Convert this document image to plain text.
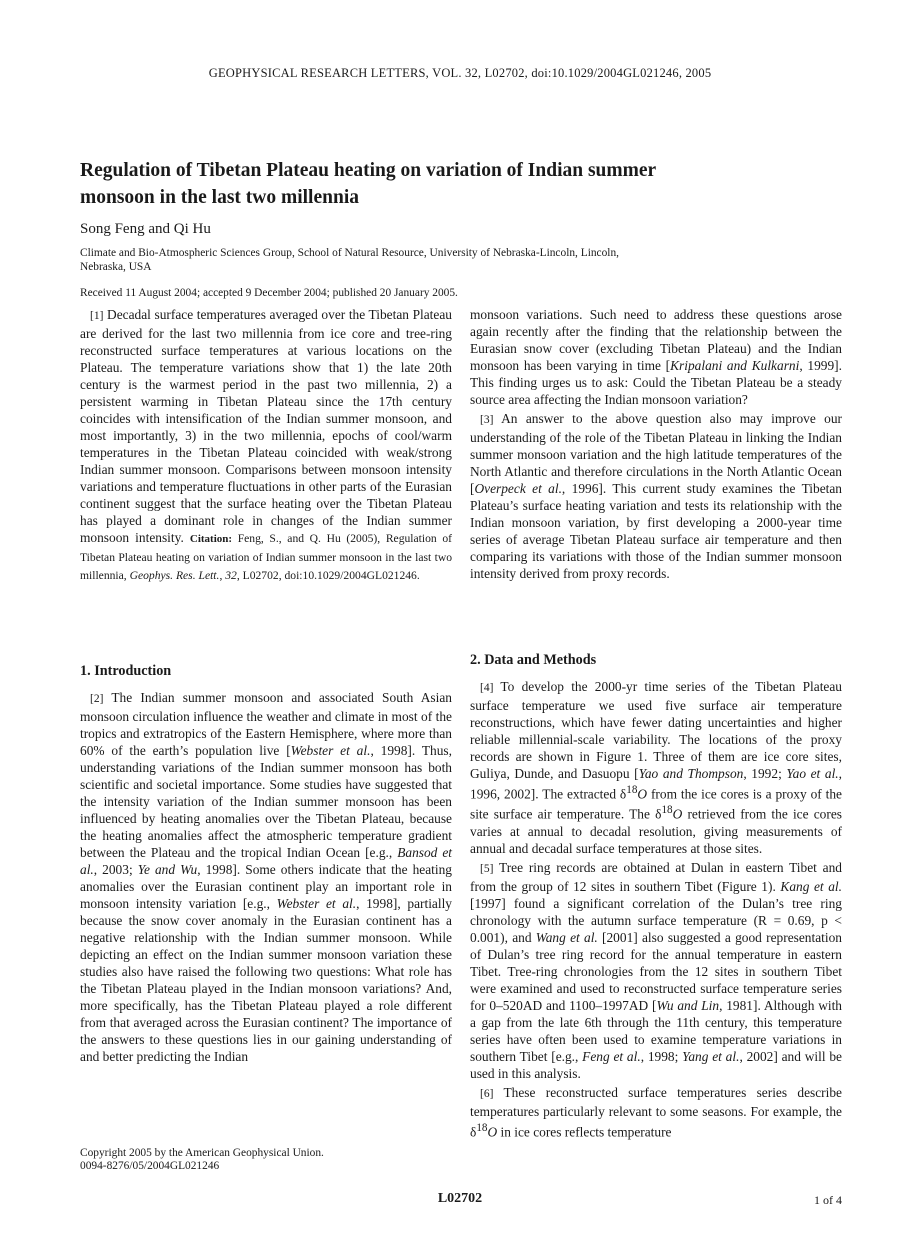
GEOPHYSICAL RESEARCH LETTERS, VOL. 32, L02702, doi:10.1029/2004GL021246, 2005
Regulation of Tibetan Plateau heating on variation of Indian summer
monsoon in the last two millennia
Song Feng and Qi Hu
Climate and Bio-Atmospheric Sciences Group, School of Natural Resource, University of Nebraska-Lincoln, Lincoln,
Nebraska, USA
Received 11 August 2004; accepted 9 December 2004; published 20 January 2005.

[1] Decadal surface temperatures averaged over the Tibetan Plateau are derived for the last two millennia from ice core and tree-ring reconstructed surface temperatures at various locations on the Plateau. The temperature variations show that 1) the late 20th century is the warmest period in the past two millennia, 2) a persistent warming in Tibetan Plateau since the 17th century coincides with intensification of the Indian summer monsoon, and most importantly, 3) in the two millennia, epochs of cool/warm temperatures in the Tibetan Plateau coincided with weak/strong Indian summer monsoon. Comparisons between monsoon intensity variations and temperature fluctuations in other parts of the Eurasian continent suggest that the surface heating over the Tibetan Plateau has played a dominant role in changes of the Indian summer monsoon intensity. Citation: Feng, S., and Q. Hu (2005), Regulation of Tibetan Plateau heating on variation of Indian summer monsoon in the last two millennia, Geophys. Res. Lett., 32, L02702, doi:10.1029/2004GL021246.

1. Introduction

[2] The Indian summer monsoon and associated South Asian monsoon circulation influence the weather and climate in most of the tropics and extratropics of the Eastern Hemisphere, where more than 60% of the earth’s population live [Webster et al., 1998]. Thus, understanding variations of the Indian summer monsoon has both scientific and societal importance. Some studies have suggested that the intensity variation of the Indian summer monsoon has been influenced by heating anomalies over the Tibetan Plateau, because the heating anomalies affect the atmospheric temperature gradient between the Plateau and the tropical Indian Ocean [e.g., Bansod et al., 2003; Ye and Wu, 1998]. Some others indicate that the heating anomalies over the Eurasian continent play an important role in monsoon intensity variation [e.g., Webster et al., 1998], partially because the snow cover anomaly in the Eurasian continent has a negative relationship with the Indian summer monsoon. While depicting an effect on the Indian summer monsoon variation these studies also have raised the following two questions: What role has the Tibetan Plateau played in the Indian monsoon variations? And, more specifically, has the Tibetan Plateau played a role different from that averaged across the Eurasian continent? The importance of the answers to these questions lies in our gaining understanding of and better predicting the Indian

monsoon variations. Such need to address these questions arose again recently after the finding that the relationship between the Eurasian snow cover (excluding Tibetan Plateau) and the Indian monsoon has been varying in time [Kripalani and Kulkarni, 1999]. This finding urges us to ask: Could the Tibetan Plateau be a steady source area affecting the Indian monsoon variation?

[3] An answer to the above question also may improve our understanding of the role of the Tibetan Plateau in linking the Indian summer monsoon variation and the high latitude temperatures of the North Atlantic and therefore circulations in the North Atlantic Ocean [Overpeck et al., 1996]. This current study examines the Tibetan Plateau’s surface heating variation and tests its relationship with the Indian monsoon variation, by first developing a 2000-year time series of average Tibetan Plateau surface air temperature and then comparing its variations with those of the Indian summer monsoon intensity derived from proxy records.

2. Data and Methods

[4] To develop the 2000-yr time series of the Tibetan Plateau surface temperature we used five surface air temperature reconstructions, which have fewer dating uncertainties and higher reliable millennial-scale variability. The locations of the proxy records are shown in Figure 1. Three of them are ice core sites, Guliya, Dunde, and Dasuopu [Yao and Thompson, 1992; Yao et al., 1996, 2002]. The extracted $\delta^{18}O$ from the ice cores is a proxy of the site surface air temperature. The $\delta^{18}O$ retrieved from the ice cores varies at annual to decadal resolution, giving measurements of annual and decadal surface temperatures at those sites.

[5] Tree ring records are obtained at Dulan in eastern Tibet and from the group of 12 sites in southern Tibet (Figure 1). Kang et al. [1997] found a significant correlation of the Dulan’s tree ring chronology with the autumn surface temperature (R = 0.69, p < 0.001), and Wang et al. [2001] also suggested a good representation of Dulan’s tree ring record for the annual temperature in eastern Tibet. Tree-ring chronologies from the 12 sites in southern Tibet were examined and used to reconstructed surface temperature series for 0–520AD and 1100–1997AD [Wu and Lin, 1981]. Although with a gap from the late 6th through the 11th century, this temperature series have often been used to examine temperature variations in southern Tibet [e.g., Feng et al., 1998; Yang et al., 2002] and will be used in this analysis.

[6] These reconstructed surface temperatures series describe temperatures particularly relevant to some seasons. For example, the $\delta^{18}O$ in ice cores reflects temperature

Copyright 2005 by the American Geophysical Union.
0094-8276/05/2004GL021246
L02702	1 of 4
